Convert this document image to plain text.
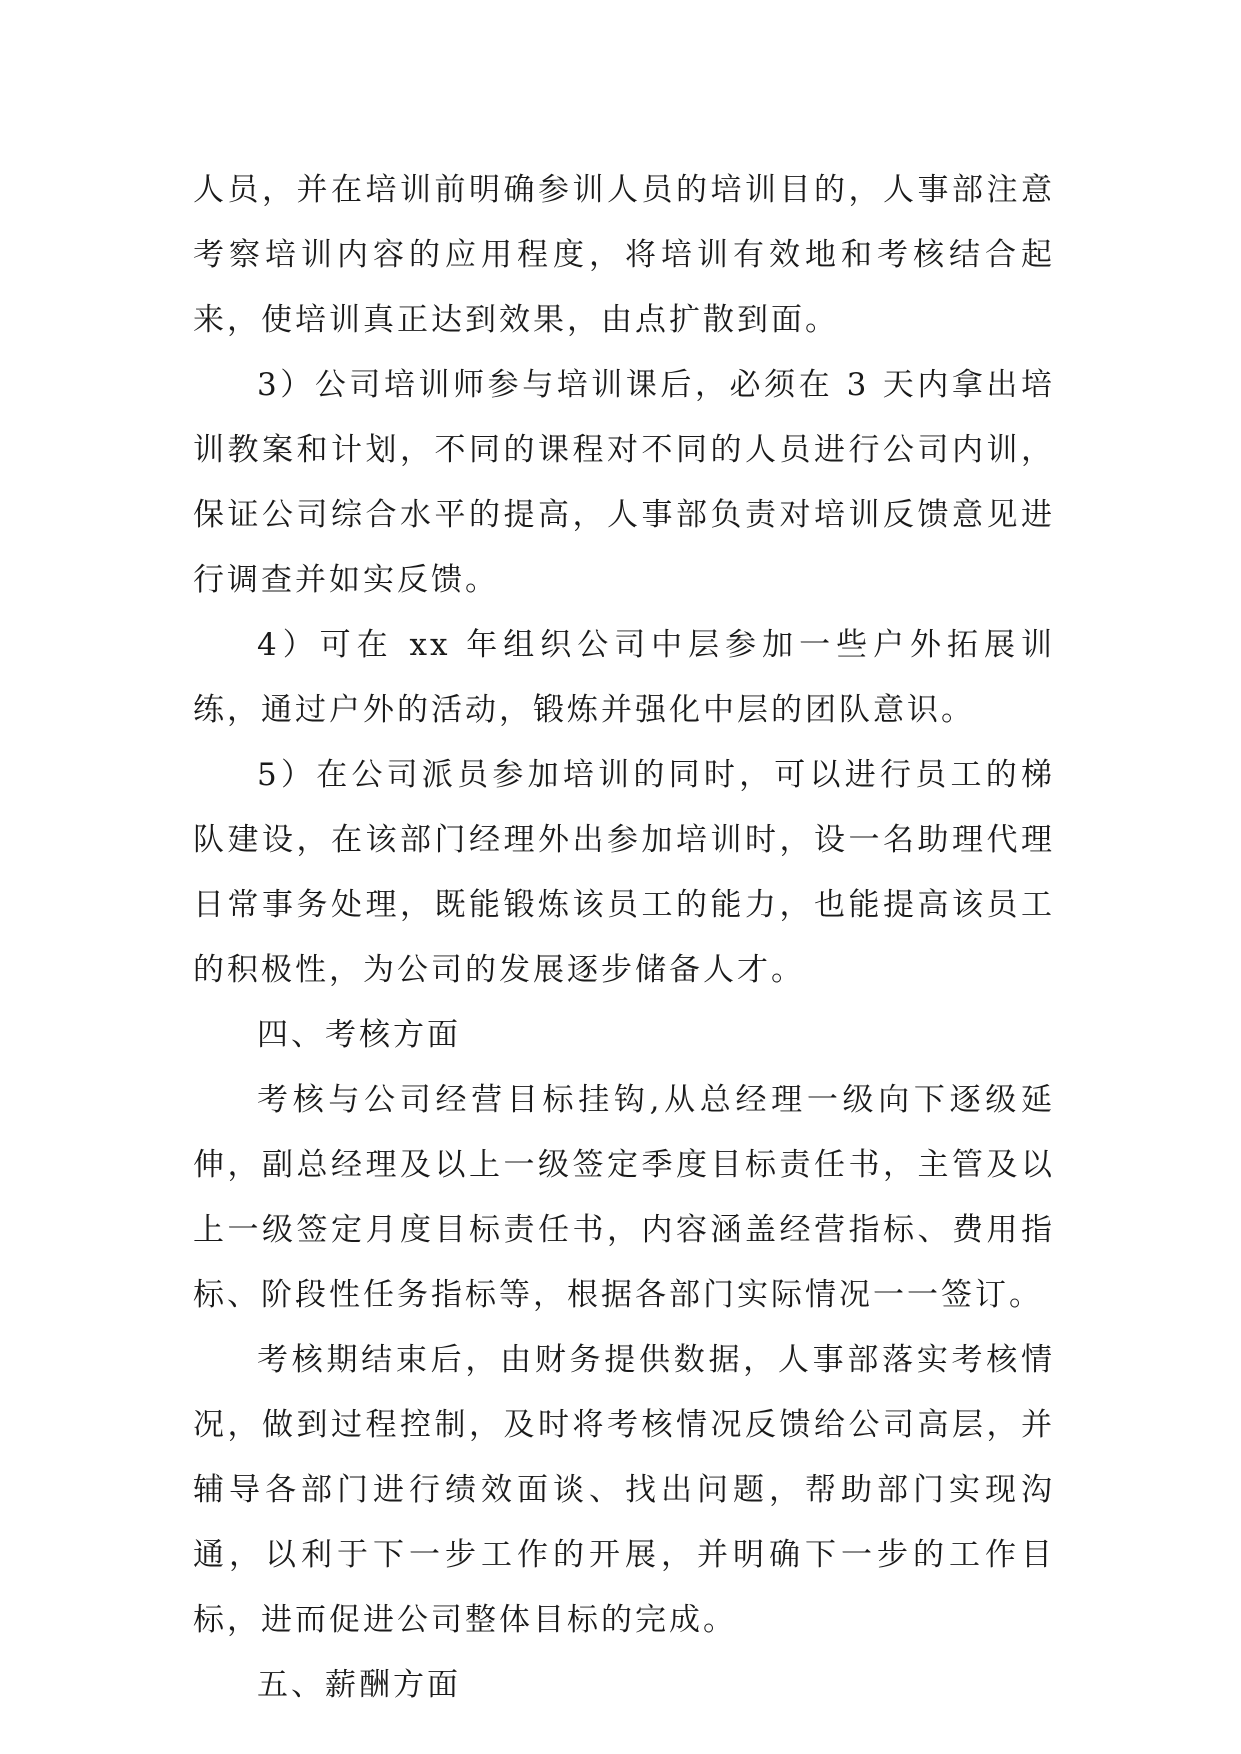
人员，并在培训前明确参训人员的培训目的，人事部注意考察培训内容的应用程度，将培训有效地和考核结合起来，使培训真正达到效果，由点扩散到面。

3）公司培训师参与培训课后，必须在 3 天内拿出培训教案和计划，不同的课程对不同的人员进行公司内训，保证公司综合水平的提高，人事部负责对培训反馈意见进行调查并如实反馈。

4）可在 xx 年组织公司中层参加一些户外拓展训练，通过户外的活动，锻炼并强化中层的团队意识。

5）在公司派员参加培训的同时，可以进行员工的梯队建设，在该部门经理外出参加培训时，设一名助理代理日常事务处理，既能锻炼该员工的能力，也能提高该员工的积极性，为公司的发展逐步储备人才。

四、考核方面

考核与公司经营目标挂钩,从总经理一级向下逐级延伸，副总经理及以上一级签定季度目标责任书，主管及以上一级签定月度目标责任书，内容涵盖经营指标、费用指标、阶段性任务指标等，根据各部门实际情况一一签订。

考核期结束后，由财务提供数据，人事部落实考核情况，做到过程控制，及时将考核情况反馈给公司高层，并辅导各部门进行绩效面谈、找出问题，帮助部门实现沟通，以利于下一步工作的开展，并明确下一步的工作目标，进而促进公司整体目标的完成。

五、薪酬方面
